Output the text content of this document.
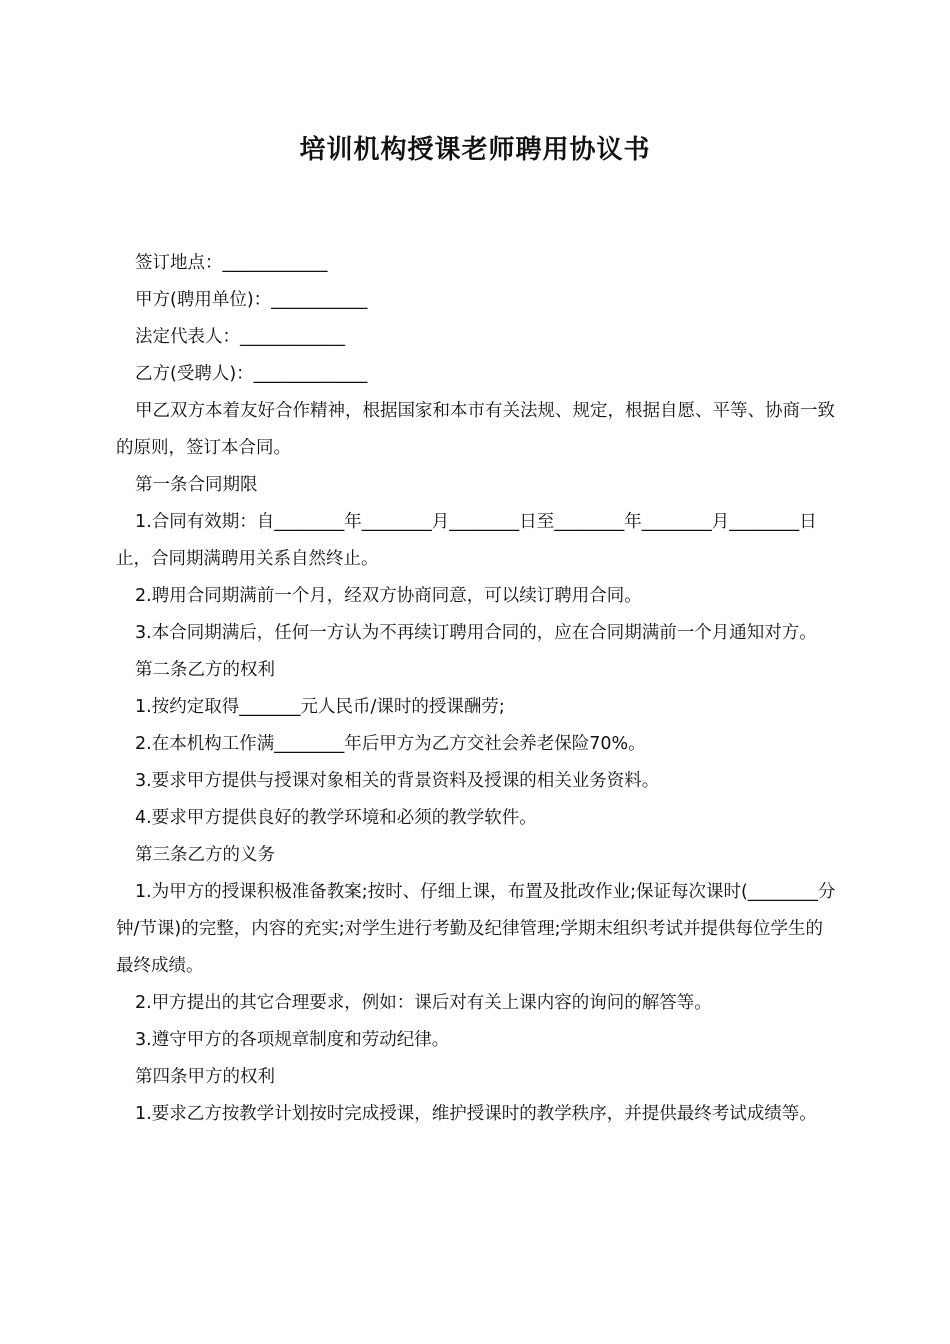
培训机构授课老师聘用协议书

签订地点：____________

甲方(聘用单位)：___________

法定代表人：____________

乙方(受聘人)：_____________

甲乙双方本着友好合作精神，根据国家和本市有关法规、规定，根据自愿、平等、协商一致的原则，签订本合同。

第一条合同期限

1.合同有效期：自________年________月________日至________年________月________日止，合同期满聘用关系自然终止。

2.聘用合同期满前一个月，经双方协商同意，可以续订聘用合同。

3.本合同期满后，任何一方认为不再续订聘用合同的，应在合同期满前一个月通知对方。

第二条乙方的权利

1.按约定取得_______元人民币/课时的授课酬劳;

2.在本机构工作满________年后甲方为乙方交社会养老保险70%。

3.要求甲方提供与授课对象相关的背景资料及授课的相关业务资料。

4.要求甲方提供良好的教学环境和必须的教学软件。

第三条乙方的义务

1.为甲方的授课积极准备教案;按时、仔细上课，布置及批改作业;保证每次课时(________分钟/节课)的完整，内容的充实;对学生进行考勤及纪律管理;学期末组织考试并提供每位学生的最终成绩。

2.甲方提出的其它合理要求，例如：课后对有关上课内容的询问的解答等。

3.遵守甲方的各项规章制度和劳动纪律。

第四条甲方的权利

1.要求乙方按教学计划按时完成授课，维护授课时的教学秩序，并提供最终考试成绩等。
